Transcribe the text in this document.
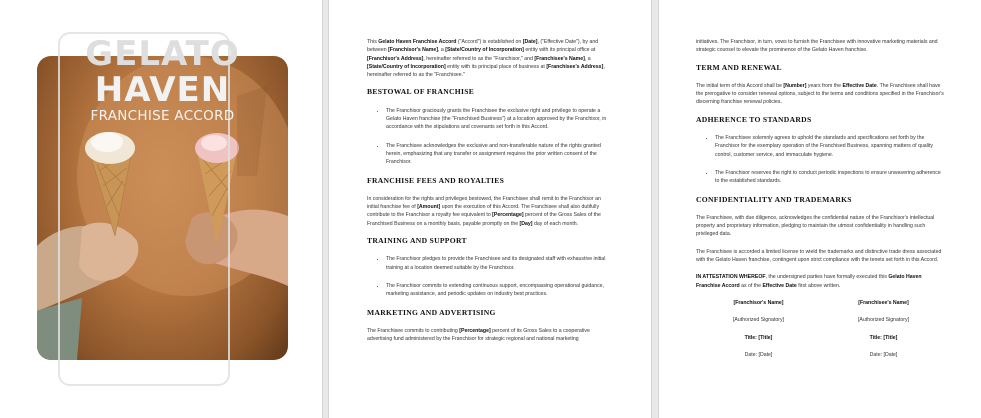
GELATO
HAVEN
FRANCHISE ACCORD

This Gelato Haven Franchise Accord ("Accord") is established on [Date], ("Effective Date"), by and between [Franchisor's Name], a [State/Country of Incorporation] entity with its principal office at [Franchisor's Address], hereinafter referred to as the "Franchisor," and [Franchisee's Name], a [State/Country of Incorporation] entity with its principal place of business at [Franchisee's Address], hereinafter referred to as the "Franchisee."

BESTOWAL OF FRANCHISE
• The Franchisor graciously grants the Franchisee the exclusive right and privilege to operate a Gelato Haven franchise (the "Franchised Business") at a location approved by the Franchisor, in accordance with the stipulations and covenants set forth in this Accord.
• The Franchisee acknowledges the exclusive and non-transferable nature of the rights granted herein, emphasizing that any transfer or assignment requires the prior written consent of the Franchisor.
FRANCHISE FEES AND ROYALTIES

In consideration for the rights and privileges bestowed, the Franchisee shall remit to the Franchisor an initial franchise fee of [Amount] upon the execution of this Accord. The Franchisee shall also dutifully contribute to the Franchisor a royalty fee equivalent to [Percentage] percent of the Gross Sales of the Franchised Business on a monthly basis, payable promptly on the [Day] day of each month.

TRAINING AND SUPPORT
• The Franchisor pledges to provide the Franchisee and its designated staff with exhaustive initial training at a location deemed suitable by the Franchisor.
• The Franchisor commits to extending continuous support, encompassing operational guidance, marketing assistance, and periodic updates on industry best practices.
MARKETING AND ADVERTISING

The Franchisee commits to contributing [Percentage] percent of its Gross Sales to a cooperative advertising fund administered by the Franchisor for strategic regional and national marketing

initiatives. The Franchisor, in turn, vows to furnish the Franchisee with innovative marketing materials and strategic counsel to elevate the prominence of the Gelato Haven franchise.

TERM AND RENEWAL

The initial term of this Accord shall be [Number] years from the Effective Date. The Franchisee shall have the prerogative to consider renewal options, subject to the terms and conditions specified in the Franchisor's discerning franchise renewal policies.

ADHERENCE TO STANDARDS
• The Franchisee solemnly agrees to uphold the standards and specifications set forth by the Franchisor for the exemplary operation of the Franchised Business, spanning matters of quality control, customer service, and immaculate hygiene.
• The Franchisor reserves the right to conduct periodic inspections to ensure unwavering adherence to the established standards.
CONFIDENTIALITY AND TRADEMARKS

The Franchisee, with due diligence, acknowledges the confidential nature of the Franchisor's intellectual property and proprietary information, pledging to maintain the utmost confidentiality in handling such privileged data.

The Franchisee is accorded a limited license to wield the trademarks and distinctive trade dress associated with the Gelato Haven franchise, contingent upon strict compliance with the tenets set forth in this Accord.

IN ATTESTATION WHEREOF, the undersigned parties have formally executed this Gelato Haven Franchise Accord as of the Effective Date first above written.

[Franchisor's Name]
[Authorized Signatory]
Title: [Title]
Date: [Date]
[Franchisee's Name]
[Authorized Signatory]
Title: [Title]
Date: [Date]
